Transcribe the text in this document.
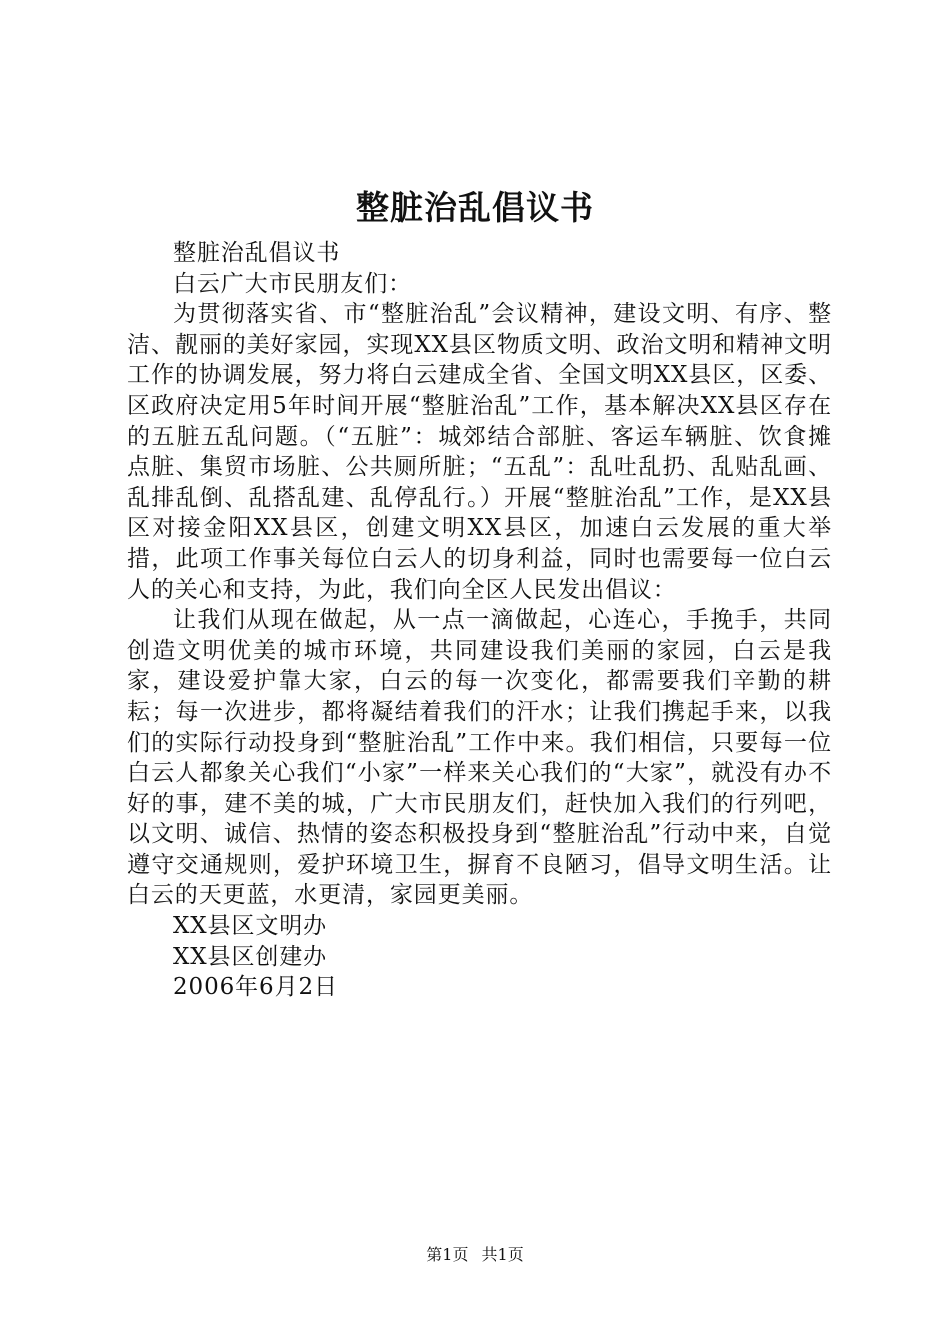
整脏治乱倡议书

整脏治乱倡议书

白云广大市民朋友们：

为贯彻落实省、市“整脏治乱”会议精神，建设文明、有序、整洁、靓丽的美好家园，实现XX县区物质文明、政治文明和精神文明工作的协调发展，努力将白云建成全省、全国文明XX县区，区委、区政府决定用5年时间开展“整脏治乱”工作，基本解决XX县区存在的五脏五乱问题。（“五脏”：城郊结合部脏、客运车辆脏、饮食摊点脏、集贸市场脏、公共厕所脏；“五乱”：乱吐乱扔、乱贴乱画、乱排乱倒、乱搭乱建、乱停乱行。）开展“整脏治乱”工作，是XX县区对接金阳XX县区，创建文明XX县区，加速白云发展的重大举措，此项工作事关每位白云人的切身利益，同时也需要每一位白云人的关心和支持，为此，我们向全区人民发出倡议：

让我们从现在做起，从一点一滴做起，心连心，手挽手，共同创造文明优美的城市环境，共同建设我们美丽的家园，白云是我家，建设爱护靠大家，白云的每一次变化，都需要我们辛勤的耕耘；每一次进步，都将凝结着我们的汗水；让我们携起手来，以我们的实际行动投身到“整脏治乱”工作中来。我们相信，只要每一位白云人都象关心我们“小家”一样来关心我们的“大家”，就没有办不好的事，建不美的城，广大市民朋友们，赶快加入我们的行列吧，以文明、诚信、热情的姿态积极投身到“整脏治乱”行动中来，自觉遵守交通规则，爱护环境卫生，摒育不良陋习，倡导文明生活。让白云的天更蓝，水更清，家园更美丽。

XX县区文明办

XX县区创建办

2006年6月2日

第1页 共1页
